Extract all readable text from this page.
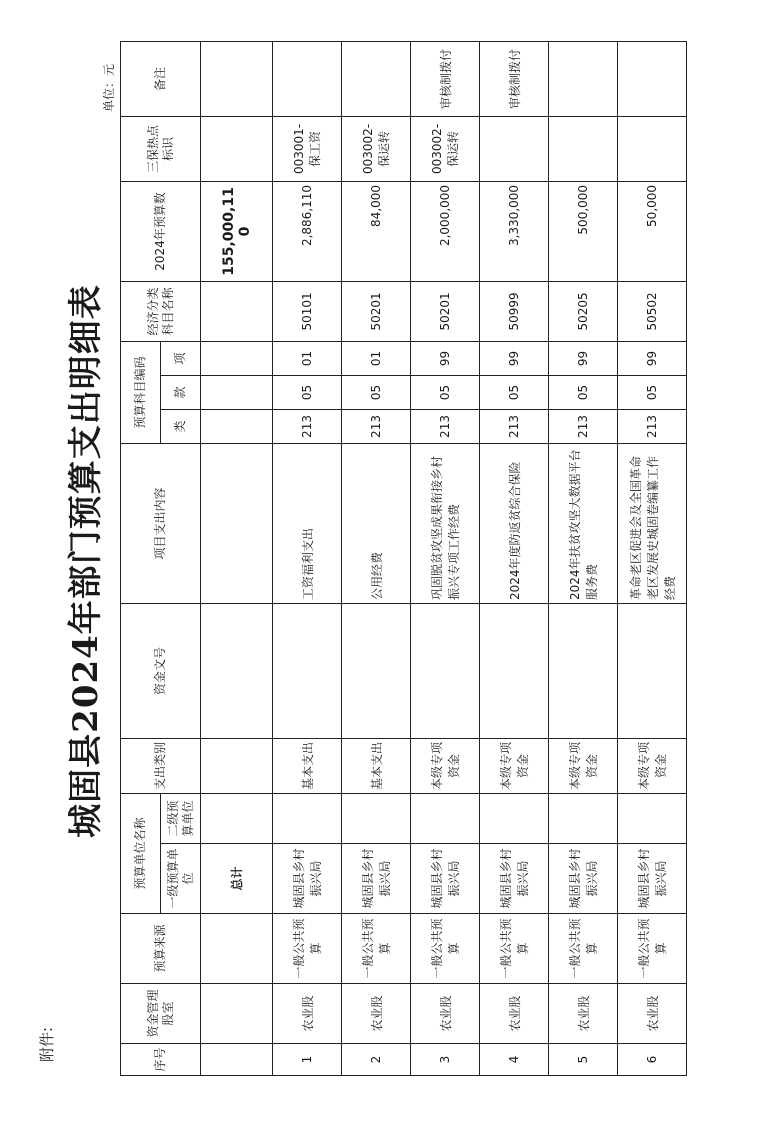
附件:
城固县2024年部门预算支出明细表
单位：元
序号	资金管理股室	预算来源	预算单位名称		支出类别	资金文号	项目支出内容	预算科目编码			经济分类科目名称	2024年预算数	三保热点标识	备注
			一级预算单位	二级预算单位				类	款	项				
			总计									155,000,110		
1	农业股	一般公共预算	城固县乡村振兴局		基本支出		工资福利支出	213	05	01	50101	2,886,110	003001-保工资	
2	农业股	一般公共预算	城固县乡村振兴局		基本支出		公用经费	213	05	01	50201	84,000	003002-保运转	
3	农业股	一般公共预算	城固县乡村振兴局		本级专项资金		巩固脱贫攻坚成果衔接乡村振兴专项工作经费	213	05	99	50201	2,000,000	003002-保运转	审核制拨付
4	农业股	一般公共预算	城固县乡村振兴局		本级专项资金		2024年度防返贫综合保险	213	05	99	50999	3,330,000		审核制拨付
5	农业股	一般公共预算	城固县乡村振兴局		本级专项资金		2024年扶贫攻坚大数据平台服务费	213	05	99	50205	500,000		
6	农业股	一般公共预算	城固县乡村振兴局		本级专项资金		革命老区促进会及全国革命老区发展史城固卷编纂工作经费	213	05	99	50502	50,000		
